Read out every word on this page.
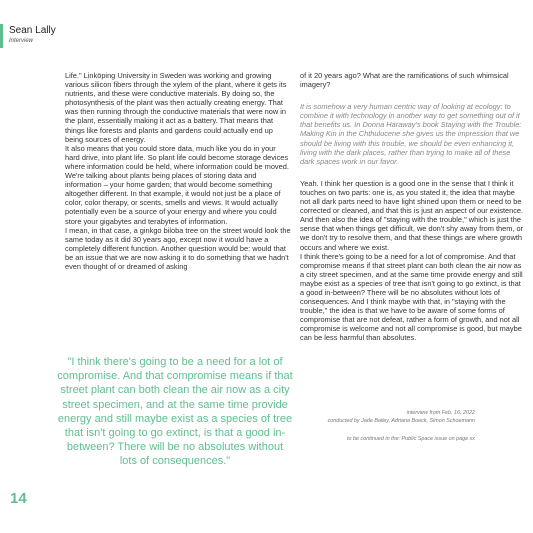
Sean Lally
Interview

Life." Linköping University in Sweden was working and growing various silicon fibers through the xylem of the plant, where it gets its nutrients, and these were conductive materials. By doing so, the photosynthesis of the plant was then actually creating energy. That was then running through the conductive materials that were now in the plant, essentially making it act as a battery. That means that things like forests and plants and gardens could actually end up being sources of energy.

It also means that you could store data, much like you do in your hard drive, into plant life. So plant life could become storage devices where information could be held, where information could be moved. We're talking about plants being places of storing data and information – your home garden; that would become something altogether different. In that example, it would not just be a place of color, color therapy, or scents, smells and views. It would actually potentially even be a source of your energy and where you could store your gigabytes and terabytes of information.

I mean, in that case, a ginkgo biloba tree on the street would look the same today as it did 30 years ago, except now it would have a completely different function. Another question would be: would that be an issue that we are now asking it to do something that we hadn't even thought of or dreamed of asking

of it 20 years ago? What are the ramifications of such whimsical imagery?

It is somehow a very human centric way of looking at ecology: to combine it with technology in another way to get something out of it that benefits us. In Donna Haraway's book Staying with the Trouble: Making Kin in the Chthulucene she gives us the impression that we should be living with this trouble, we should be even enhancing it, living with the dark places, rather than trying to make all of these dark spaces work in our favor.

Yeah. I think her question is a good one in the sense that I think it touches on two parts: one is, as you stated it, the idea that maybe not all dark parts need to have light shined upon them or need to be corrected or cleaned, and that this is just an aspect of our existence. And then also the idea of "staying with the trouble," which is just the sense that when things get difficult, we don't shy away from them, or we don't try to resolve them, and that these things are where growth occurs and where we exist.

I think there's going to be a need for a lot of compromise. And that compromise means if that street plant can both clean the air now as a city street specimen, and at the same time provide energy and still maybe exist as a species of tree that isn't going to go extinct, is that a good in-between? There will be no absolutes without lots of consequences. And I think maybe with that, in "staying with the trouble," the idea is that we have to be aware of some forms of compromise that are not defeat, rather a form of growth, and not all compromise is welcome and not all compromise is good, but maybe can be less harmful than absolutes.

"I think there's going to be a need for a lot of compromise. And that compromise means if that street plant can both clean the air now as a city street specimen, and at the same time provide energy and still maybe exist as a species of tree that isn't going to go extinct, is that a good in-between? There will be no absolutes without lots of consequences."

interview from Feb. 16, 2022

conducted by Jade Bailey, Adriana Boeck, Simon Schoemann

to be continued in the: Public Space issue on page xx
14
